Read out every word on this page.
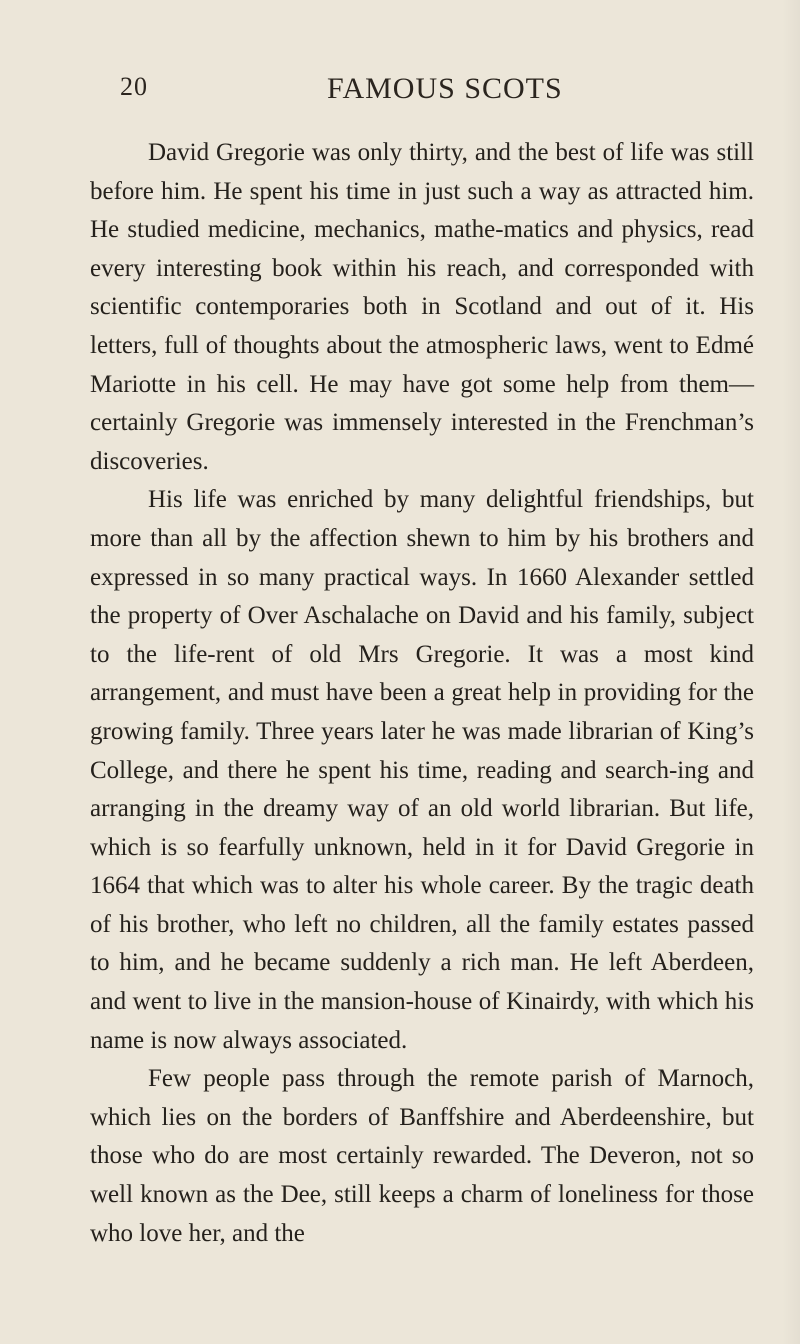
20	FAMOUS SCOTS

David Gregorie was only thirty, and the best of life was still before him. He spent his time in just such a way as attracted him. He studied medicine, mechanics, mathe-matics and physics, read every interesting book within his reach, and corresponded with scientific contemporaries both in Scotland and out of it. His letters, full of thoughts about the atmospheric laws, went to Edmé Mariotte in his cell. He may have got some help from them—certainly Gregorie was immensely interested in the Frenchman’s discoveries.

His life was enriched by many delightful friendships, but more than all by the affection shewn to him by his brothers and expressed in so many practical ways. In 1660 Alexander settled the property of Over Aschalache on David and his family, subject to the life-rent of old Mrs Gregorie. It was a most kind arrangement, and must have been a great help in providing for the growing family. Three years later he was made librarian of King’s College, and there he spent his time, reading and search-ing and arranging in the dreamy way of an old world librarian. But life, which is so fearfully unknown, held in it for David Gregorie in 1664 that which was to alter his whole career. By the tragic death of his brother, who left no children, all the family estates passed to him, and he became suddenly a rich man. He left Aberdeen, and went to live in the mansion-house of Kinairdy, with which his name is now always associated.

Few people pass through the remote parish of Marnoch, which lies on the borders of Banffshire and Aberdeenshire, but those who do are most certainly rewarded. The Deveron, not so well known as the Dee, still keeps a charm of loneliness for those who love her, and the
